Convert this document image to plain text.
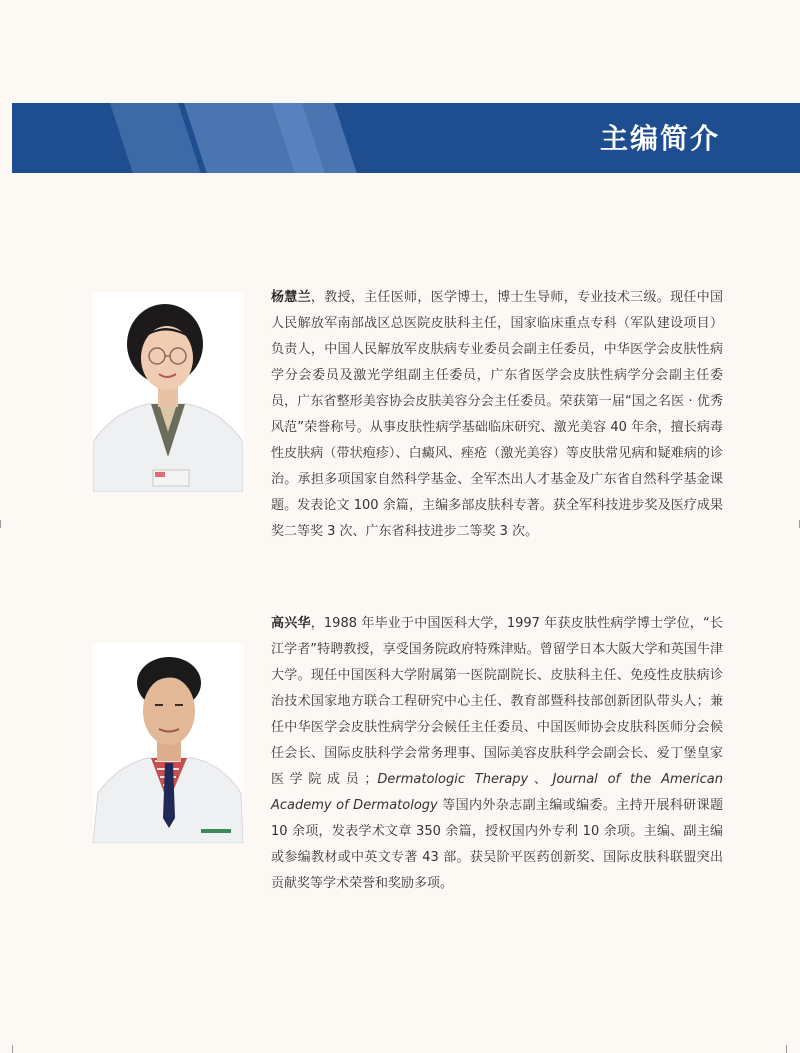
主编简介

杨慧兰，教授，主任医师，医学博士，博士生导师，专业技术三级。现任中国人民解放军南部战区总医院皮肤科主任，国家临床重点专科（军队建设项目）负责人，中国人民解放军皮肤病专业委员会副主任委员，中华医学会皮肤性病学分会委员及激光学组副主任委员，广东省医学会皮肤性病学分会副主任委员，广东省整形美容协会皮肤美容分会主任委员。荣获第一届“国之名医 · 优秀风范”荣誉称号。从事皮肤性病学基础临床研究、激光美容 40 年余，擅长病毒性皮肤病（带状疱疹）、白癜风、痤疮（激光美容）等皮肤常见病和疑难病的诊治。承担多项国家自然科学基金、全军杰出人才基金及广东省自然科学基金课题。发表论文 100 余篇，主编多部皮肤科专著。获全军科技进步奖及医疗成果奖二等奖 3 次、广东省科技进步二等奖 3 次。

高兴华，1988 年毕业于中国医科大学，1997 年获皮肤性病学博士学位，“长江学者”特聘教授，享受国务院政府特殊津贴。曾留学日本大阪大学和英国牛津大学。现任中国医科大学附属第一医院副院长、皮肤科主任、免疫性皮肤病诊治技术国家地方联合工程研究中心主任、教育部暨科技部创新团队带头人；兼任中华医学会皮肤性病学分会候任主任委员、中国医师协会皮肤科医师分会候任会长、国际皮肤科学会常务理事、国际美容皮肤科学会副会长、爱丁堡皇家医学院成员；Dermatologic Therapy、Journal of the American Academy of Dermatology 等国内外杂志副主编或编委。主持开展科研课题 10 余项，发表学术文章 350 余篇，授权国内外专利 10 余项。主编、副主编或参编教材或中英文专著 43 部。获吴阶平医药创新奖、国际皮肤科联盟突出贡献奖等学术荣誉和奖励多项。
